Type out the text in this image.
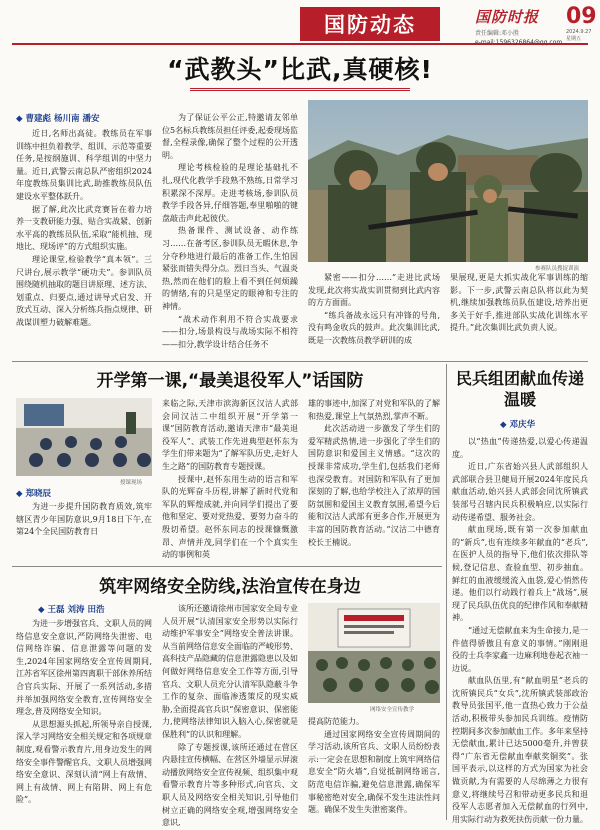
国防动态	国防时报
责任编辑:邓小胜
09
2024.9.27
星期五
“武教头”比武,真硬核!
◆ 曹建彪 杨川南 潘安

近日,名师出高徒。教练员在军事训练中担负着教学、组训、示范等重要任务,是按纲施训、科学组训的中坚力量。近日,武警云南总队严密组织2024年度教练员集训比武,助推教练员队伍建设水平整体跃升。

据了解,此次比武竞赛旨在着力培养一支教研能力强、贴合实战紧、创新水平高的教练员队伍,采取“能机抽、现地比、现场评”的方式组织实施。

理论课堂,检验教学“真本领”。三尺讲台,展示教学“硬功夫”。参训队员围绕随机抽取的题目讲原理、述方法、划重点、归要点,通过讲导式启发、开放式互动、深入分析练兵指点规律、研战谋训塑力破解难题。

为了保证公平公正,特邀请友邻单位5名标兵教练员担任评委,起委现场监督,全程录像,确保了整个过程的公开透明。

理论考核检验的是理论基础扎不扎,现代化教学手段熟不熟练,日常学习积累深不深厚。走进考核场,参训队员教学手段各异,仔细答题,奉里啪啪的键盘敲击声此起彼伏。

热备课件、测试设备、动作练习……在备考区,参训队员无暇休息,争分夺秒地进行最后的准备工作,生怕因紧张而错失得分点。烈日当头、气温炎热,然而在他们的脸上看不到任何烦躁的情绪,有的只是坚定的眼神和专注的神情。

“战术动作利用不符合实战要求——扣分,场景构设与战场实际不相符——扣分,教学设计结合任务不

参赛队员搜捉训演

紧密——扣分……”走进比武场发现,此次将实战实训贯彻到比武内容的方方面面。

“练兵备战永远只有冲锋的号角,没有鸣金收兵的鼓声。此次集训比武,既是一次教练员教学研训的成

果展现,更是大抓实战化军事训练的缩影。下一步,武警云南总队将以此为契机,继续加强教练员队伍建设,培养出更多关于好手,推进部队实战化训练水平提升。”此次集训比武负责人说。

开学第一课,“最美退役军人”话国防
授课现场
◆ 郑晓辰

为进一步提升国防教育质效,筑牢辖区青少年国防意识,9月18日下午,在第24个全民国防教育日

来临之际,天津市滨海新区汉沽人武部会同汉沽二中组织开展“开学第一课”国防教育活动,邀请天津市“最美退役军人”、武装工作先进典型赵怀东为学生们带来题为“了解军队历史,走好人生之路”的国防教育专题授课。

授课中,赵怀东用生动的语言和军队的光辉奋斗历程,讲解了新时代党和军队的辉煌成就,并向同学们提出了要他和坚定、要对党热爱、要努力奋斗的殷切希望。赵怀东同志的授课慷慨激昂、声情并茂,同学们在一个个真实生动的事例和英

雄的事迹中,加深了对党和军队的了解和热爱,课堂上气氛热烈,掌声不断。

此次活动进一步激发了学生们的爱军精武热情,进一步强化了学生们的国防意识和爱国主义情感。“这次的授课非常成功,学生们,包括我们老师也深受教育。对国防和军队有了更加深刻的了解,也给学校注入了浓厚的国防氛围和爱国主义教育氛围,希望今后能和汉沽人武部有更多合作,开展更为丰富的国防教育活动。”汉沽二中德育校长王楠说。

民兵组团献血传递温暖
◆ 邓庆华

以“热血”传递热爱,以爱心传递温度。

近日,广东省始兴县人武部组织人武部联合县卫健局开展2024年度民兵献血活动,始兴县人武部会同沈所镇武装部号召辖内民兵积极响应,以实际行动传递希望、服务社会。

献血现场,既有第一次参加献血的“新兵”,也有连续多年献血的“老兵”,在医护人员的指导下,他们依次排队等候,登记信息、查验血型、初步抽血。鲜红的血液缓缓流入血袋,爱心悄然传递。他们以行动践行着兵上“战场”,展现了民兵队伍优良的纪律作风和奉献精神。

“通过无偿献血来为生命接力,是一件值得骄傲且有意义的事情。”刚刚退役的士兵李家鑫一边麻利地卷起衣袖一边说。

献血队伍里,有“献血明星”老兵的沈所镇民兵“女兵”,沈所镇武装部政治教导员张国平,他一直热心致力于公益活动,积极带头参加民兵训练。疫情防控期间多次参加献血工作。多年来坚持无偿献血,累计已达5000毫升,并曾获得“广东省无偿献血奉献奖铜奖”。张国平表示,以这样的方式为国家为社会做贡献,为有需要的人尽绵薄之力很有意义,将继续号召和带动更多民兵和退役军人志愿者加入无偿献血的行列中,用实际行动为救死扶伤贡献一份力量。

筑牢网络安全防线,法治宣传在身边
◆ 王磊 刘涛 田浩

为进一步增强官兵、文职人员的网络信息安全意识,严防网络失泄密、电信网络诈骗、信息泄露等问题的发生,2024年国家网络安全宣传周期间,江苏省军区徐州第四离职干部休养所结合官兵实际、开展了一系列活动,多措并举加强网络安全教育,宣传网络安全理念,普及网络安全知识。

从思想源头抓起,所领导亲自授课,深入学习网络安全相关规定和各项规章制度,观看警示教育片,用身边发生的网络安全事件警醒官兵、文职人员增强网络安全意识、深刻认清“网上有敌情、网上有战情、网上有陷阱、网上有危险”。

该所还邀请徐州市国家安全局专业人员开展“认清国家安全形势以实际行动维护军事安全”网络安全普法讲课。从当前网络信息安全面临的严峻形势、高科技产品隐藏的信息泄露隐患以及如何做好网络信息安全工作等方面,引导官兵、文职人员充分认清军队隐蔽斗争工作的复杂、面临渗透策反的现实威胁,全面提高官兵识“保密意识、保密能力,使网络法律知识入脑入心,保密就是保胜利”的认识和理解。

除了专题授课,该所还通过在营区内悬挂宣传横幅、在营区外墙显示屏滚动播放网络安全宣传视频、组织集中观看警示教育片等多种形式,向官兵、文职人员及网络安全相关知识,引导他们树立正确的网络安全观,增强网络安全意识,

网络安全宣传教学

提高防范能力。

通过国家网络安全宣传周期间的学习活动,该所官兵、文职人员纷纷表示:一定会在思想和制度上筑牢网络信息安全“防火墙”,自觉抵制网络谣言,防范电信诈骗,避免信息泄露,确保军事秘密绝对安全,确保不发生违法性问题。确保不发生失泄密案件。
